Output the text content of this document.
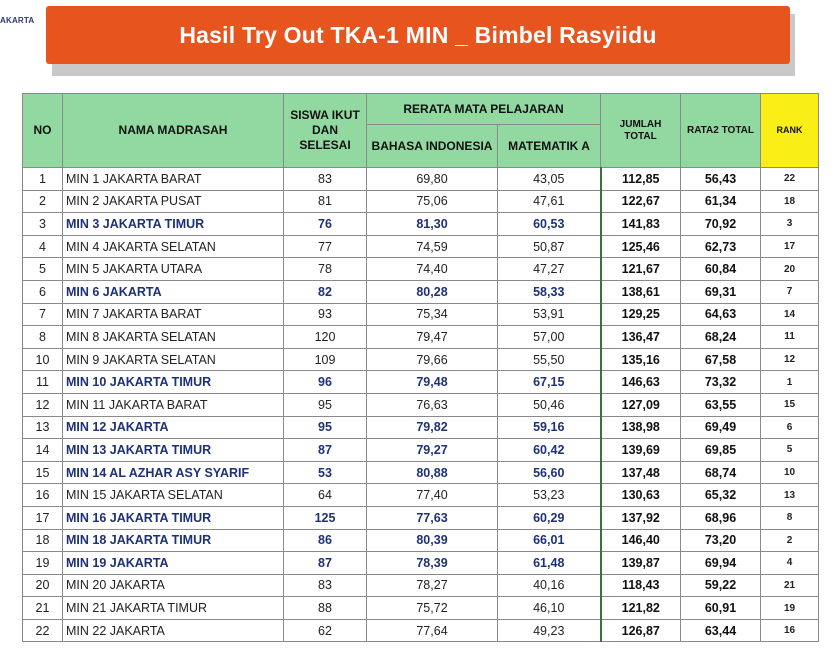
AKARTA
Hasil Try Out TKA-1 MIN _ Bimbel Rasyiidu
NO	NAMA MADRASAH	SISWA IKUT DAN SELESAI	RERATA MATA PELAJARAN		JUMLAH TOTAL	RATA2 TOTAL	RANK
			BAHASA INDONESIA	MATEMATIK A			
1	MIN 1 JAKARTA BARAT	83	69,80	43,05	112,85	56,43	22
2	MIN 2 JAKARTA PUSAT	81	75,06	47,61	122,67	61,34	18
3	MIN 3 JAKARTA TIMUR	76	81,30	60,53	141,83	70,92	3
4	MIN 4 JAKARTA SELATAN	77	74,59	50,87	125,46	62,73	17
5	MIN 5 JAKARTA UTARA	78	74,40	47,27	121,67	60,84	20
6	MIN 6 JAKARTA	82	80,28	58,33	138,61	69,31	7
7	MIN 7 JAKARTA BARAT	93	75,34	53,91	129,25	64,63	14
8	MIN 8 JAKARTA SELATAN	120	79,47	57,00	136,47	68,24	11
10	MIN 9 JAKARTA SELATAN	109	79,66	55,50	135,16	67,58	12
11	MIN 10 JAKARTA TIMUR	96	79,48	67,15	146,63	73,32	1
12	MIN 11 JAKARTA BARAT	95	76,63	50,46	127,09	63,55	15
13	MIN 12 JAKARTA	95	79,82	59,16	138,98	69,49	6
14	MIN 13 JAKARTA TIMUR	87	79,27	60,42	139,69	69,85	5
15	MIN 14 AL AZHAR ASY SYARIF	53	80,88	56,60	137,48	68,74	10
16	MIN 15 JAKARTA SELATAN	64	77,40	53,23	130,63	65,32	13
17	MIN 16 JAKARTA TIMUR	125	77,63	60,29	137,92	68,96	8
18	MIN 18 JAKARTA TIMUR	86	80,39	66,01	146,40	73,20	2
19	MIN 19 JAKARTA	87	78,39	61,48	139,87	69,94	4
20	MIN 20 JAKARTA	83	78,27	40,16	118,43	59,22	21
21	MIN 21 JAKARTA TIMUR	88	75,72	46,10	121,82	60,91	19
22	MIN 22 JAKARTA	62	77,64	49,23	126,87	63,44	16
